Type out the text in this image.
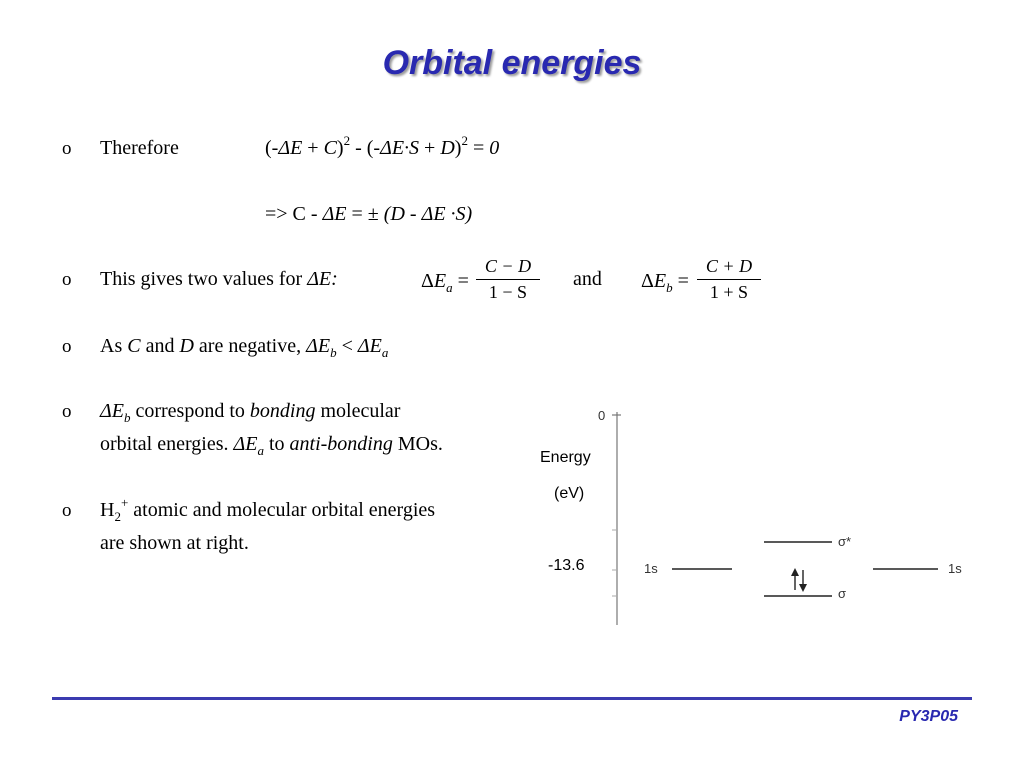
Orbital energies
o Therefore	$(-\Delta E + C)^2 - (-\Delta E\cdot S + D)^2 = 0$
=> C - ΔE = ± (D - ΔE ·S)
o This gives two values for ΔE:	$\Delta E_a$ =
C − D
1 − S
and $\Delta E_b$ =
C + D
1 + S
o As C and D are negative, $\Delta E_b < \Delta E_a$
o $\Delta E_b$ correspond to bonding molecular
orbital energies. $\Delta E_a$ to anti-bonding MOs.
o $H_2^+$ atomic and molecular orbital energies
are shown at right.
0
Energy
(eV)
-13.6	1s
σ*
σ
1s
PY3P05
